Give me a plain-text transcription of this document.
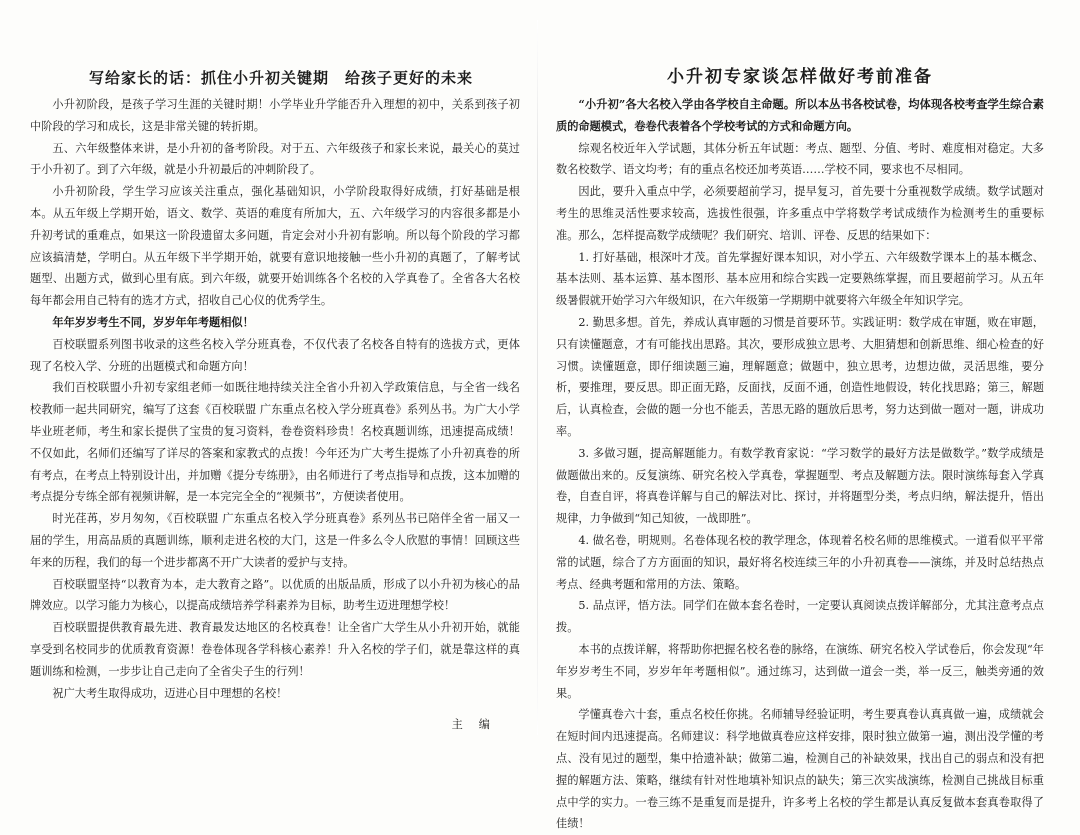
写给家长的话：抓住小升初关键期　给孩子更好的未来

小升初阶段，是孩子学习生涯的关键时期！小学毕业升学能否升入理想的初中，关系到孩子初中阶段的学习和成长，这是非常关键的转折期。

五、六年级整体来讲，是小升初的备考阶段。对于五、六年级孩子和家长来说，最关心的莫过于小升初了。到了六年级，就是小升初最后的冲刺阶段了。

小升初阶段，学生学习应该关注重点，强化基础知识，小学阶段取得好成绩，打好基础是根本。从五年级上学期开始，语文、数学、英语的难度有所加大，五、六年级学习的内容很多都是小升初考试的重难点，如果这一阶段遗留太多问题，肯定会对小升初有影响。所以每个阶段的学习都应该搞清楚，学明白。从五年级下半学期开始，就要有意识地接触一些小升初的真题了，了解考试题型、出题方式，做到心里有底。到六年级，就要开始训练各个名校的入学真卷了。全省各大名校每年都会用自己特有的选才方式，招收自己心仪的优秀学生。

年年岁岁考生不同，岁岁年年考题相似！

百校联盟系列图书收录的这些名校入学分班真卷，不仅代表了名校各自特有的选拔方式，更体现了名校入学、分班的出题模式和命题方向！

我们百校联盟小升初专家组老师一如既往地持续关注全省小升初入学政策信息，与全省一线名校教师一起共同研究，编写了这套《百校联盟 广东重点名校入学分班真卷》系列丛书。为广大小学毕业班老师，考生和家长提供了宝贵的复习资料，卷卷资料珍贵！名校真题训练，迅速提高成绩！不仅如此，名师们还编写了详尽的答案和家教式的点拨！今年还为广大考生提炼了小升初真卷的所有考点，在考点上特别设计出，并加赠《提分专练册》，由名师进行了考点指导和点拨，这本加赠的考点提分专练全部有视频讲解，是一本完完全全的“视频书”，方便读者使用。

时光荏苒，岁月匆匆，《百校联盟 广东重点名校入学分班真卷》系列丛书已陪伴全省一届又一届的学生，用高品质的真题训练，顺利走进名校的大门，这是一件多么令人欣慰的事情！回顾这些年来的历程，我们的每一个进步都离不开广大读者的爱护与支持。

百校联盟坚持“以教育为本，走大教育之路”。以优质的出版品质，形成了以小升初为核心的品牌效应。以学习能力为核心，以提高成绩培养学科素养为目标，助考生迈进理想学校！

百校联盟提供教育最先进、教育最发达地区的名校真卷！让全省广大学生从小升初开始，就能享受到名校同步的优质教育资源！卷卷体现各学科核心素养！升入名校的学子们，就是靠这样的真题训练和检测，一步步让自己走向了全省尖子生的行列！

祝广大考生取得成功，迈进心目中理想的名校！

主编
小升初专家谈怎样做好考前准备

“小升初”各大名校入学由各学校自主命题。所以本丛书各校试卷，均体现各校考查学生综合素质的命题模式，卷卷代表着各个学校考试的方式和命题方向。

综观名校近年入学试题，其体分析五年试题：考点、题型、分值、考时、难度相对稳定。大多数名校数学、语文均考；有的重点名校还加考英语……学校不同，要求也不尽相同。

因此，要升入重点中学，必须要超前学习，提早复习，首先要十分重视数学成绩。数学试题对考生的思维灵活性要求较高，选拔性很强，许多重点中学将数学考试成绩作为检测考生的重要标准。那么，怎样提高数学成绩呢？我们研究、培训、评卷、反思的结果如下：

1. 打好基础，根深叶才茂。首先掌握好课本知识，对小学五、六年级数学课本上的基本概念、基本法则、基本运算、基本图形、基本应用和综合实践一定要熟练掌握，而且要超前学习。从五年级暑假就开始学习六年级知识，在六年级第一学期期中就要将六年级全年知识学完。

2. 勤思多想。首先，养成认真审题的习惯是首要环节。实践证明：数学成在审题，败在审题，只有读懂题意，才有可能找出思路。其次，要形成独立思考、大胆猜想和创新思维、细心检查的好习惯。读懂题意，即仔细读题三遍，理解题意；做题中，独立思考，边想边做，灵活思维，要分析，要推理，要反思。即正面无路，反面找，反面不通，创造性地假设，转化找思路；第三，解题后，认真检查，会做的题一分也不能丢，苦思无路的题放后思考，努力达到做一题对一题，讲成功率。

3. 多做习题，提高解题能力。有数学教育家说：“学习数学的最好方法是做数学。”数学成绩是做题做出来的。反复演练、研究名校入学真卷，掌握题型、考点及解题方法。限时演练每套入学真卷，自查自评，将真卷详解与自己的解法对比、探讨，并将题型分类，考点归纳，解法提升，悟出规律，力争做到“知己知彼，一战即胜”。

4. 做名卷，明规则。名卷体现名校的教学理念，体现着名校名师的思维模式。一道看似平平常常的试题，综合了方方面面的知识，最好将名校连续三年的小升初真卷——演练，并及时总结热点考点、经典考题和常用的方法、策略。

5. 品点评，悟方法。同学们在做本套名卷时，一定要认真阅读点拨详解部分，尤其注意考点点拨。

本书的点拨详解，将帮助你把握名校名卷的脉络，在演练、研究名校入学试卷后，你会发现“年年岁岁考生不同，岁岁年年考题相似”。通过练习，达到做一道会一类，举一反三，触类旁通的效果。

学懂真卷六十套，重点名校任你挑。名师辅导经验证明，考生要真卷认真真做一遍，成绩就会在短时间内迅速提高。名师建议：科学地做真卷应这样安排，限时独立做第一遍，测出没学懂的考点、没有见过的题型，集中拾遗补缺；做第二遍，检测自己的补缺效果，找出自己的弱点和没有把握的解题方法、策略，继续有针对性地填补知识点的缺失；第三次实战演练，检测自己挑战目标重点中学的实力。一卷三练不是重复而是提升，许多考上名校的学生都是认真反复做本套真卷取得了佳绩！
